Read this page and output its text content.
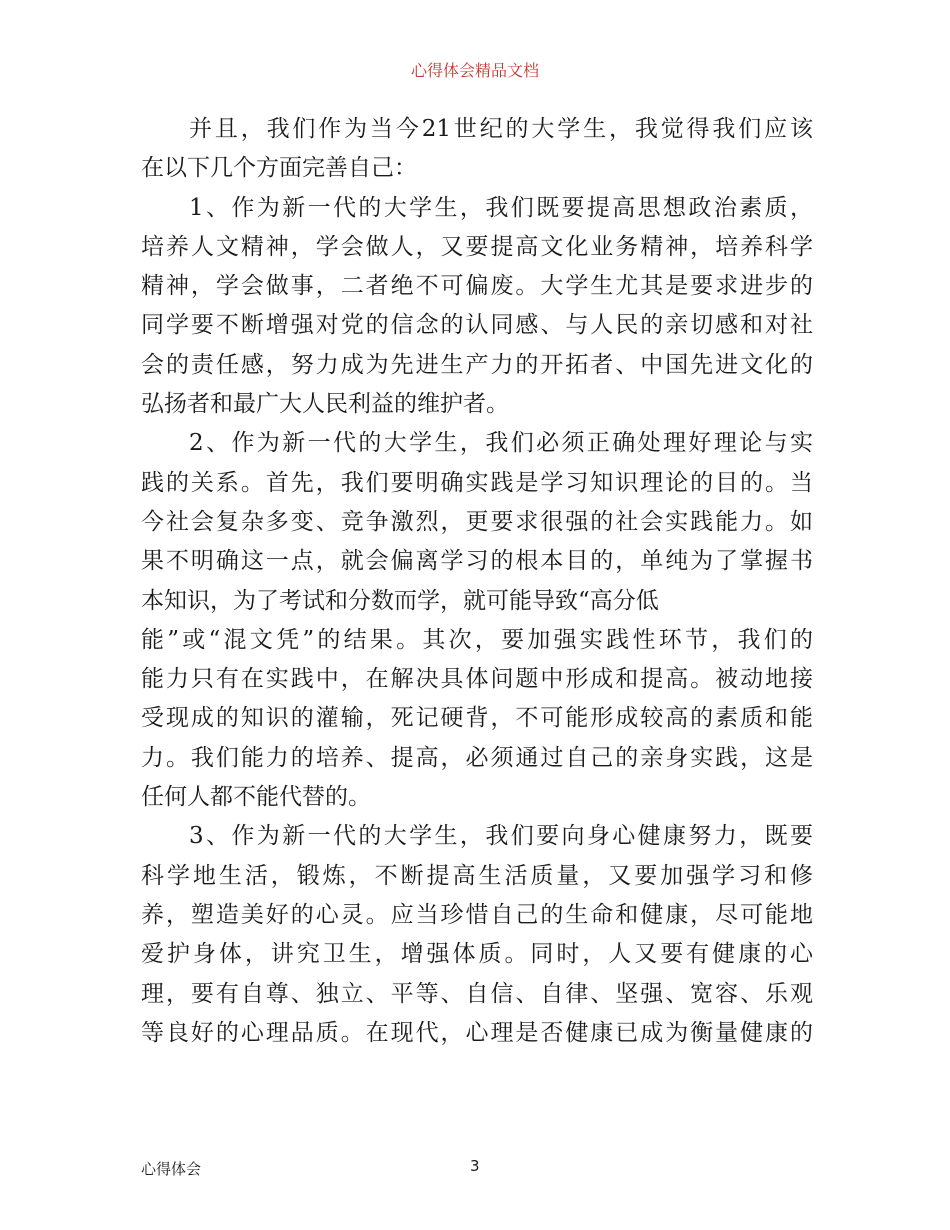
心得体会精品文档
并且，我们作为当今21世纪的大学生，我觉得我们应该
在以下几个方面完善自己：
1、作为新一代的大学生，我们既要提高思想政治素质，
培养人文精神，学会做人，又要提高文化业务精神，培养科学
精神，学会做事，二者绝不可偏废。大学生尤其是要求进步的
同学要不断增强对党的信念的认同感、与人民的亲切感和对社
会的责任感，努力成为先进生产力的开拓者、中国先进文化的
弘扬者和最广大人民利益的维护者。
2、作为新一代的大学生，我们必须正确处理好理论与实
践的关系。首先，我们要明确实践是学习知识理论的目的。当
今社会复杂多变、竞争激烈，更要求很强的社会实践能力。如
果不明确这一点，就会偏离学习的根本目的，单纯为了掌握书
本知识，为了考试和分数而学，就可能导致“高分低
能”或“混文凭”的结果。其次，要加强实践性环节，我们的
能力只有在实践中，在解决具体问题中形成和提高。被动地接
受现成的知识的灌输，死记硬背，不可能形成较高的素质和能
力。我们能力的培养、提高，必须通过自己的亲身实践，这是
任何人都不能代替的。
3、作为新一代的大学生，我们要向身心健康努力，既要
科学地生活，锻炼，不断提高生活质量，又要加强学习和修
养，塑造美好的心灵。应当珍惜自己的生命和健康，尽可能地
爱护身体，讲究卫生，增强体质。同时，人又要有健康的心
理，要有自尊、独立、平等、自信、自律、坚强、宽容、乐观
等良好的心理品质。在现代，心理是否健康已成为衡量健康的
心得体会	3
